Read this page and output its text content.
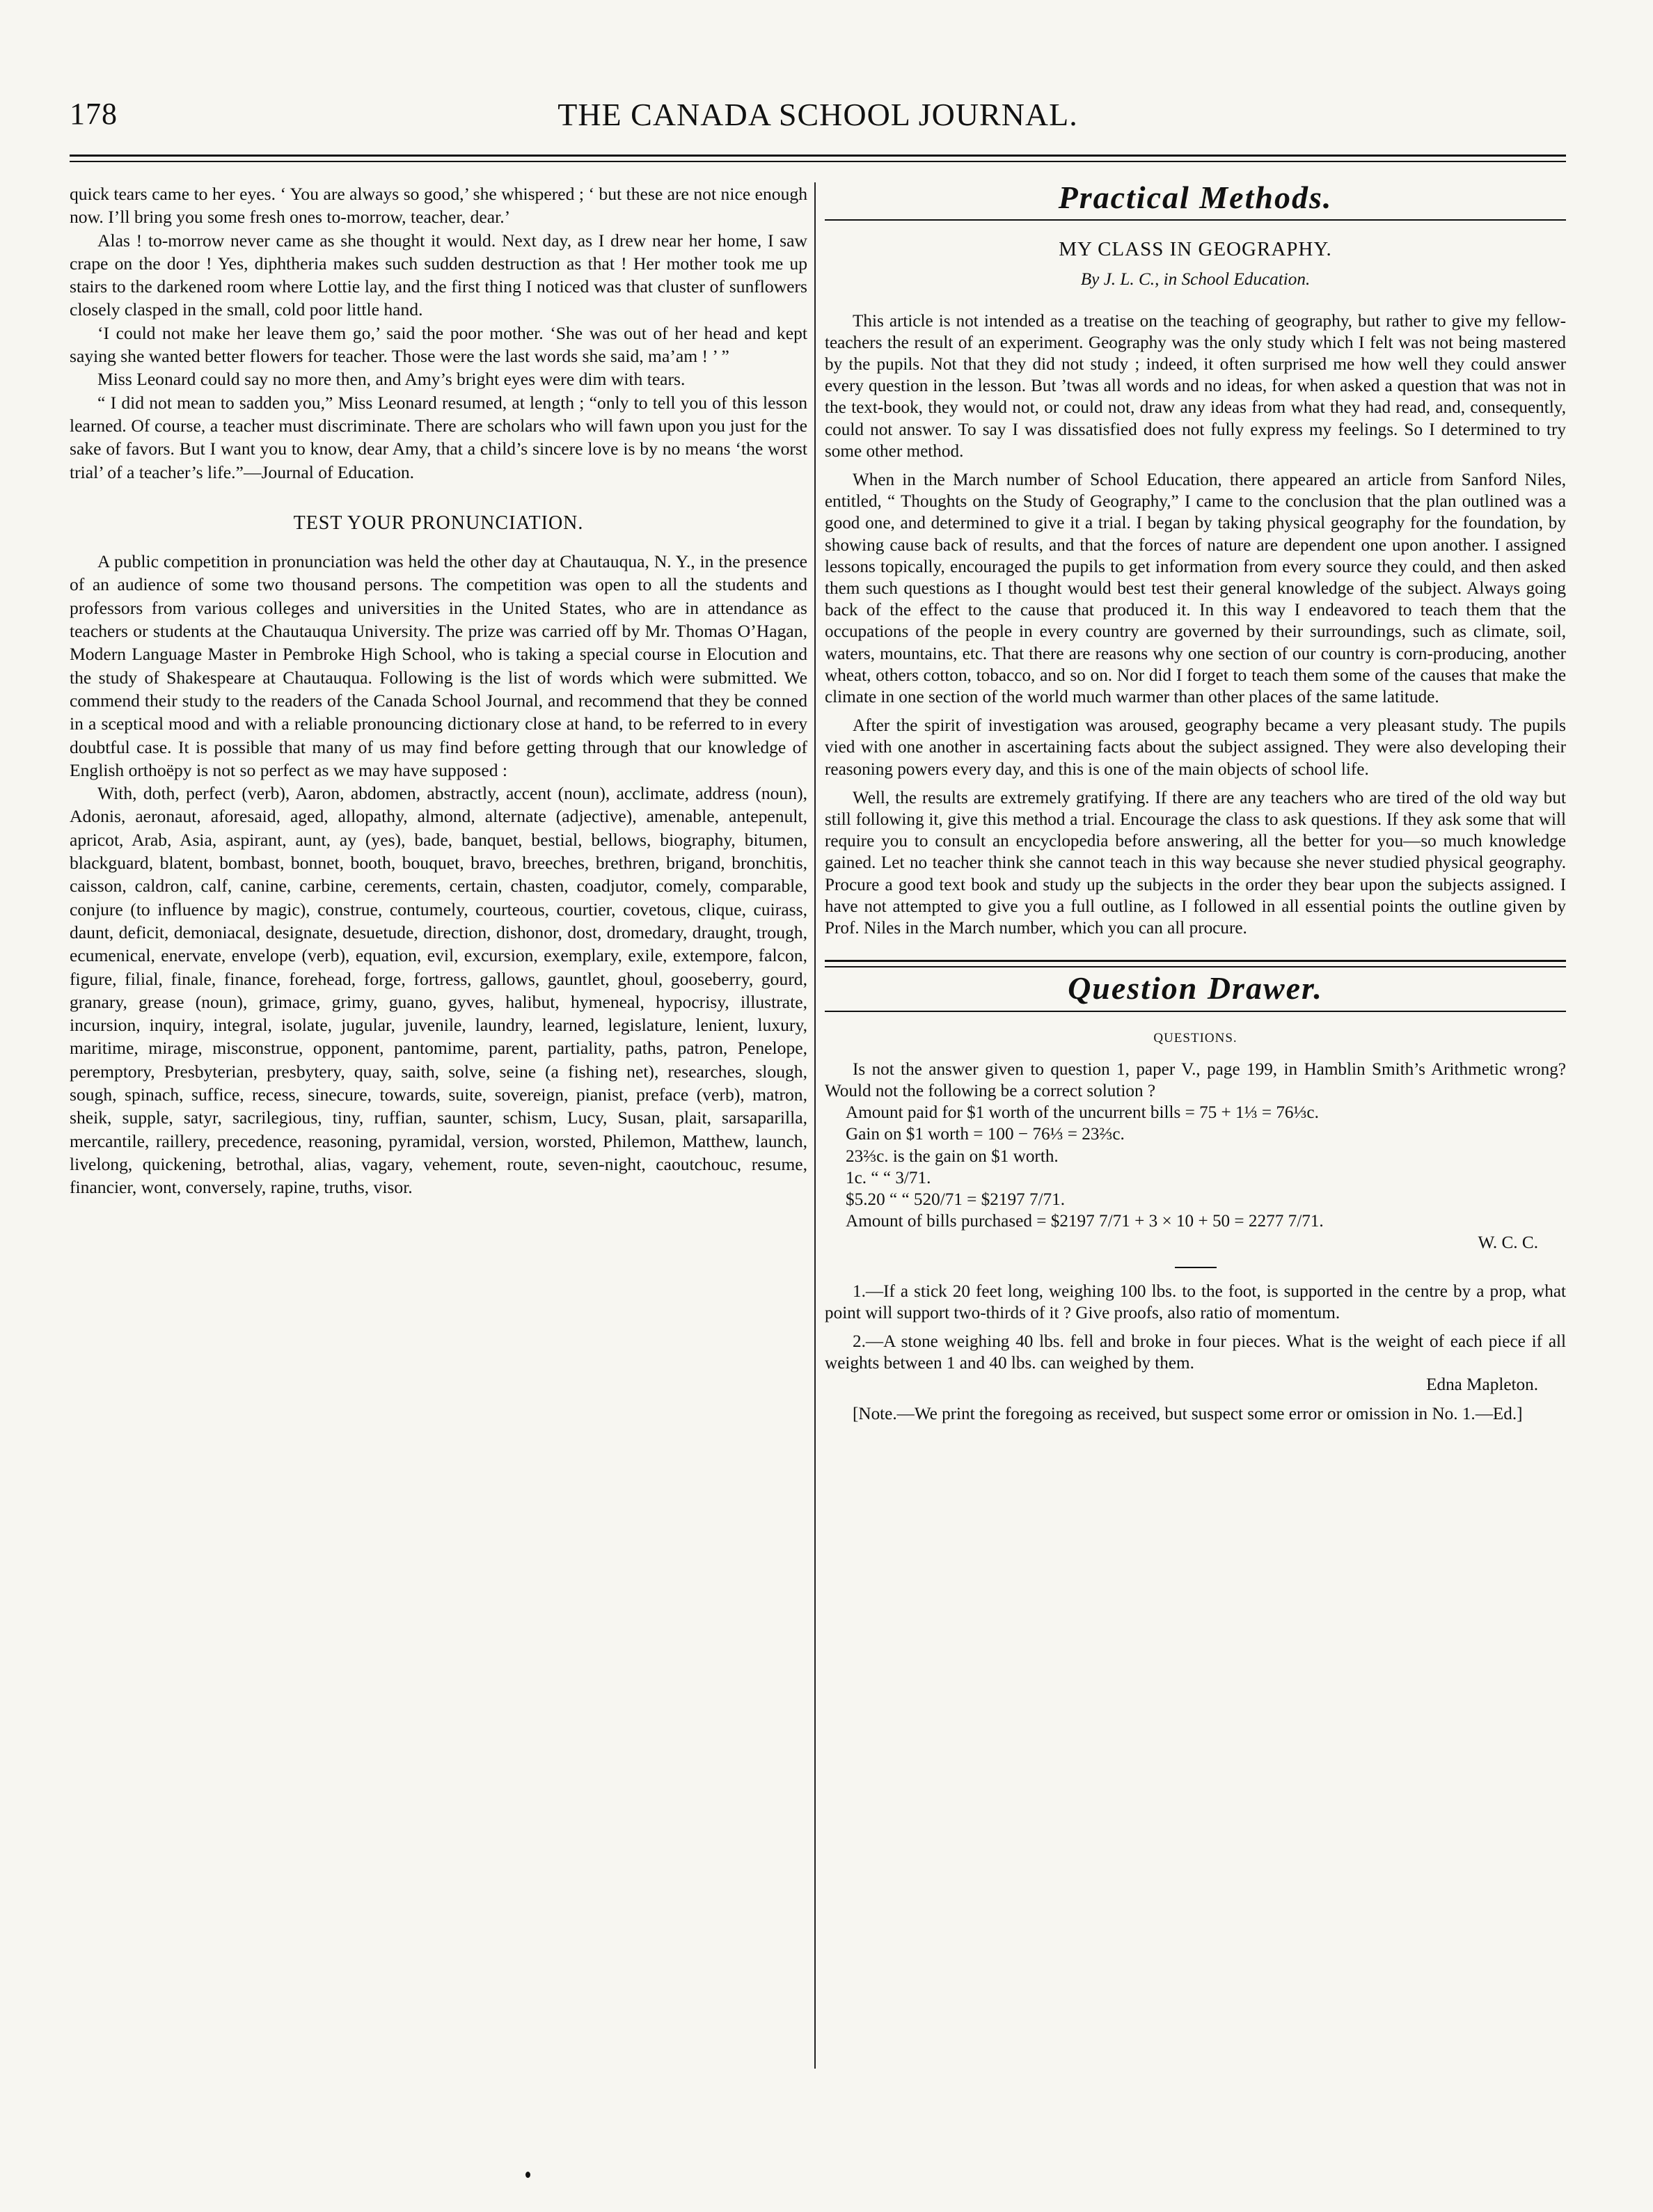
178	THE CANADA SCHOOL JOURNAL.

quick tears came to her eyes. ‘ You are always so good,’ she whispered ; ‘ but these are not nice enough now. I’ll bring you some fresh ones to-morrow, teacher, dear.’

Alas ! to-morrow never came as she thought it would. Next day, as I drew near her home, I saw crape on the door ! Yes, diphtheria makes such sudden destruction as that ! Her mother took me up stairs to the darkened room where Lottie lay, and the first thing I noticed was that cluster of sunflowers closely clasped in the small, cold poor little hand.

‘I could not make her leave them go,’ said the poor mother. ‘She was out of her head and kept saying she wanted better flowers for teacher. Those were the last words she said, ma’am ! ’ ”

Miss Leonard could say no more then, and Amy’s bright eyes were dim with tears.

“ I did not mean to sadden you,” Miss Leonard resumed, at length ; “only to tell you of this lesson learned. Of course, a teacher must discriminate. There are scholars who will fawn upon you just for the sake of favors. But I want you to know, dear Amy, that a child’s sincere love is by no means ‘the worst trial’ of a teacher’s life.”—Journal of Education.

TEST YOUR PRONUNCIATION.

A public competition in pronunciation was held the other day at Chautauqua, N. Y., in the presence of an audience of some two thousand persons. The competition was open to all the students and professors from various colleges and universities in the United States, who are in attendance as teachers or students at the Chautauqua University. The prize was carried off by Mr. Thomas O’Hagan, Modern Language Master in Pembroke High School, who is taking a special course in Elocution and the study of Shakespeare at Chautauqua. Following is the list of words which were submitted. We commend their study to the readers of the Canada School Journal, and recommend that they be conned in a sceptical mood and with a reliable pronouncing dictionary close at hand, to be referred to in every doubtful case. It is possible that many of us may find before getting through that our knowledge of English orthoëpy is not so perfect as we may have supposed :

With, doth, perfect (verb), Aaron, abdomen, abstractly, accent (noun), acclimate, address (noun), Adonis, aeronaut, aforesaid, aged, allopathy, almond, alternate (adjective), amenable, antepenult, apricot, Arab, Asia, aspirant, aunt, ay (yes), bade, banquet, bestial, bellows, biography, bitumen, blackguard, blatent, bombast, bonnet, booth, bouquet, bravo, breeches, brethren, brigand, bronchitis, caisson, caldron, calf, canine, carbine, cerements, certain, chasten, coadjutor, comely, comparable, conjure (to influence by magic), construe, contumely, courteous, courtier, covetous, clique, cuirass, daunt, deficit, demoniacal, designate, desuetude, direction, dishonor, dost, dromedary, draught, trough, ecumenical, enervate, envelope (verb), equation, evil, excursion, exemplary, exile, extempore, falcon, figure, filial, finale, finance, forehead, forge, fortress, gallows, gauntlet, ghoul, gooseberry, gourd, granary, grease (noun), grimace, grimy, guano, gyves, halibut, hymeneal, hypocrisy, illustrate, incursion, inquiry, integral, isolate, jugular, juvenile, laundry, learned, legislature, lenient, luxury, maritime, mirage, misconstrue, opponent, pantomime, parent, partiality, paths, patron, Penelope, peremptory, Presbyterian, presbytery, quay, saith, solve, seine (a fishing net), researches, slough, sough, spinach, suffice, recess, sinecure, towards, suite, sovereign, pianist, preface (verb), matron, sheik, supple, satyr, sacrilegious, tiny, ruffian, saunter, schism, Lucy, Susan, plait, sarsaparilla, mercantile, raillery, precedence, reasoning, pyramidal, version, worsted, Philemon, Matthew, launch, livelong, quickening, betrothal, alias, vagary, vehement, route, seven-night, caoutchouc, resume, financier, wont, conversely, rapine, truths, visor.

Practical Methods.
MY CLASS IN GEOGRAPHY.
By J. L. C., in School Education.

This article is not intended as a treatise on the teaching of geography, but rather to give my fellow-teachers the result of an experiment. Geography was the only study which I felt was not being mastered by the pupils. Not that they did not study ; indeed, it often surprised me how well they could answer every question in the lesson. But ’twas all words and no ideas, for when asked a question that was not in the text-book, they would not, or could not, draw any ideas from what they had read, and, consequently, could not answer. To say I was dissatisfied does not fully express my feelings. So I determined to try some other method.

When in the March number of School Education, there appeared an article from Sanford Niles, entitled, “ Thoughts on the Study of Geography,” I came to the conclusion that the plan outlined was a good one, and determined to give it a trial. I began by taking physical geography for the foundation, by showing cause back of results, and that the forces of nature are dependent one upon another. I assigned lessons topically, encouraged the pupils to get information from every source they could, and then asked them such questions as I thought would best test their general knowledge of the subject. Always going back of the effect to the cause that produced it. In this way I endeavored to teach them that the occupations of the people in every country are governed by their surroundings, such as climate, soil, waters, mountains, etc. That there are reasons why one section of our country is corn-producing, another wheat, others cotton, tobacco, and so on. Nor did I forget to teach them some of the causes that make the climate in one section of the world much warmer than other places of the same latitude.

After the spirit of investigation was aroused, geography became a very pleasant study. The pupils vied with one another in ascertaining facts about the subject assigned. They were also developing their reasoning powers every day, and this is one of the main objects of school life.

Well, the results are extremely gratifying. If there are any teachers who are tired of the old way but still following it, give this method a trial. Encourage the class to ask questions. If they ask some that will require you to consult an encyclopedia before answering, all the better for you—so much knowledge gained. Let no teacher think she cannot teach in this way because she never studied physical geography. Procure a good text book and study up the subjects in the order they bear upon the subjects assigned. I have not attempted to give you a full outline, as I followed in all essential points the outline given by Prof. Niles in the March number, which you can all procure.

Question Drawer.
QUESTIONS.

Is not the answer given to question 1, paper V., page 199, in Hamblin Smith’s Arithmetic wrong? Would not the following be a correct solution ?

Amount paid for $1 worth of the uncurrent bills = 75 + 1⅓ = 76⅓c.
Gain on $1 worth = 100 − 76⅓ = 23⅔c.
23⅔c. is the gain on $1 worth.
1c. “ “ 3/71.
$5.20 “ “ 520/71 = $2197 7/71.
Amount of bills purchased = $2197 7/71 + 3 × 10 + 50 = 2277 7/71.
W. C. C.

1.—If a stick 20 feet long, weighing 100 lbs. to the foot, is supported in the centre by a prop, what point will support two-thirds of it ? Give proofs, also ratio of momentum.

2.—A stone weighing 40 lbs. fell and broke in four pieces. What is the weight of each piece if all weights between 1 and 40 lbs. can weighed by them.

Edna Mapleton.

[Note.—We print the foregoing as received, but suspect some error or omission in No. 1.—Ed.]
